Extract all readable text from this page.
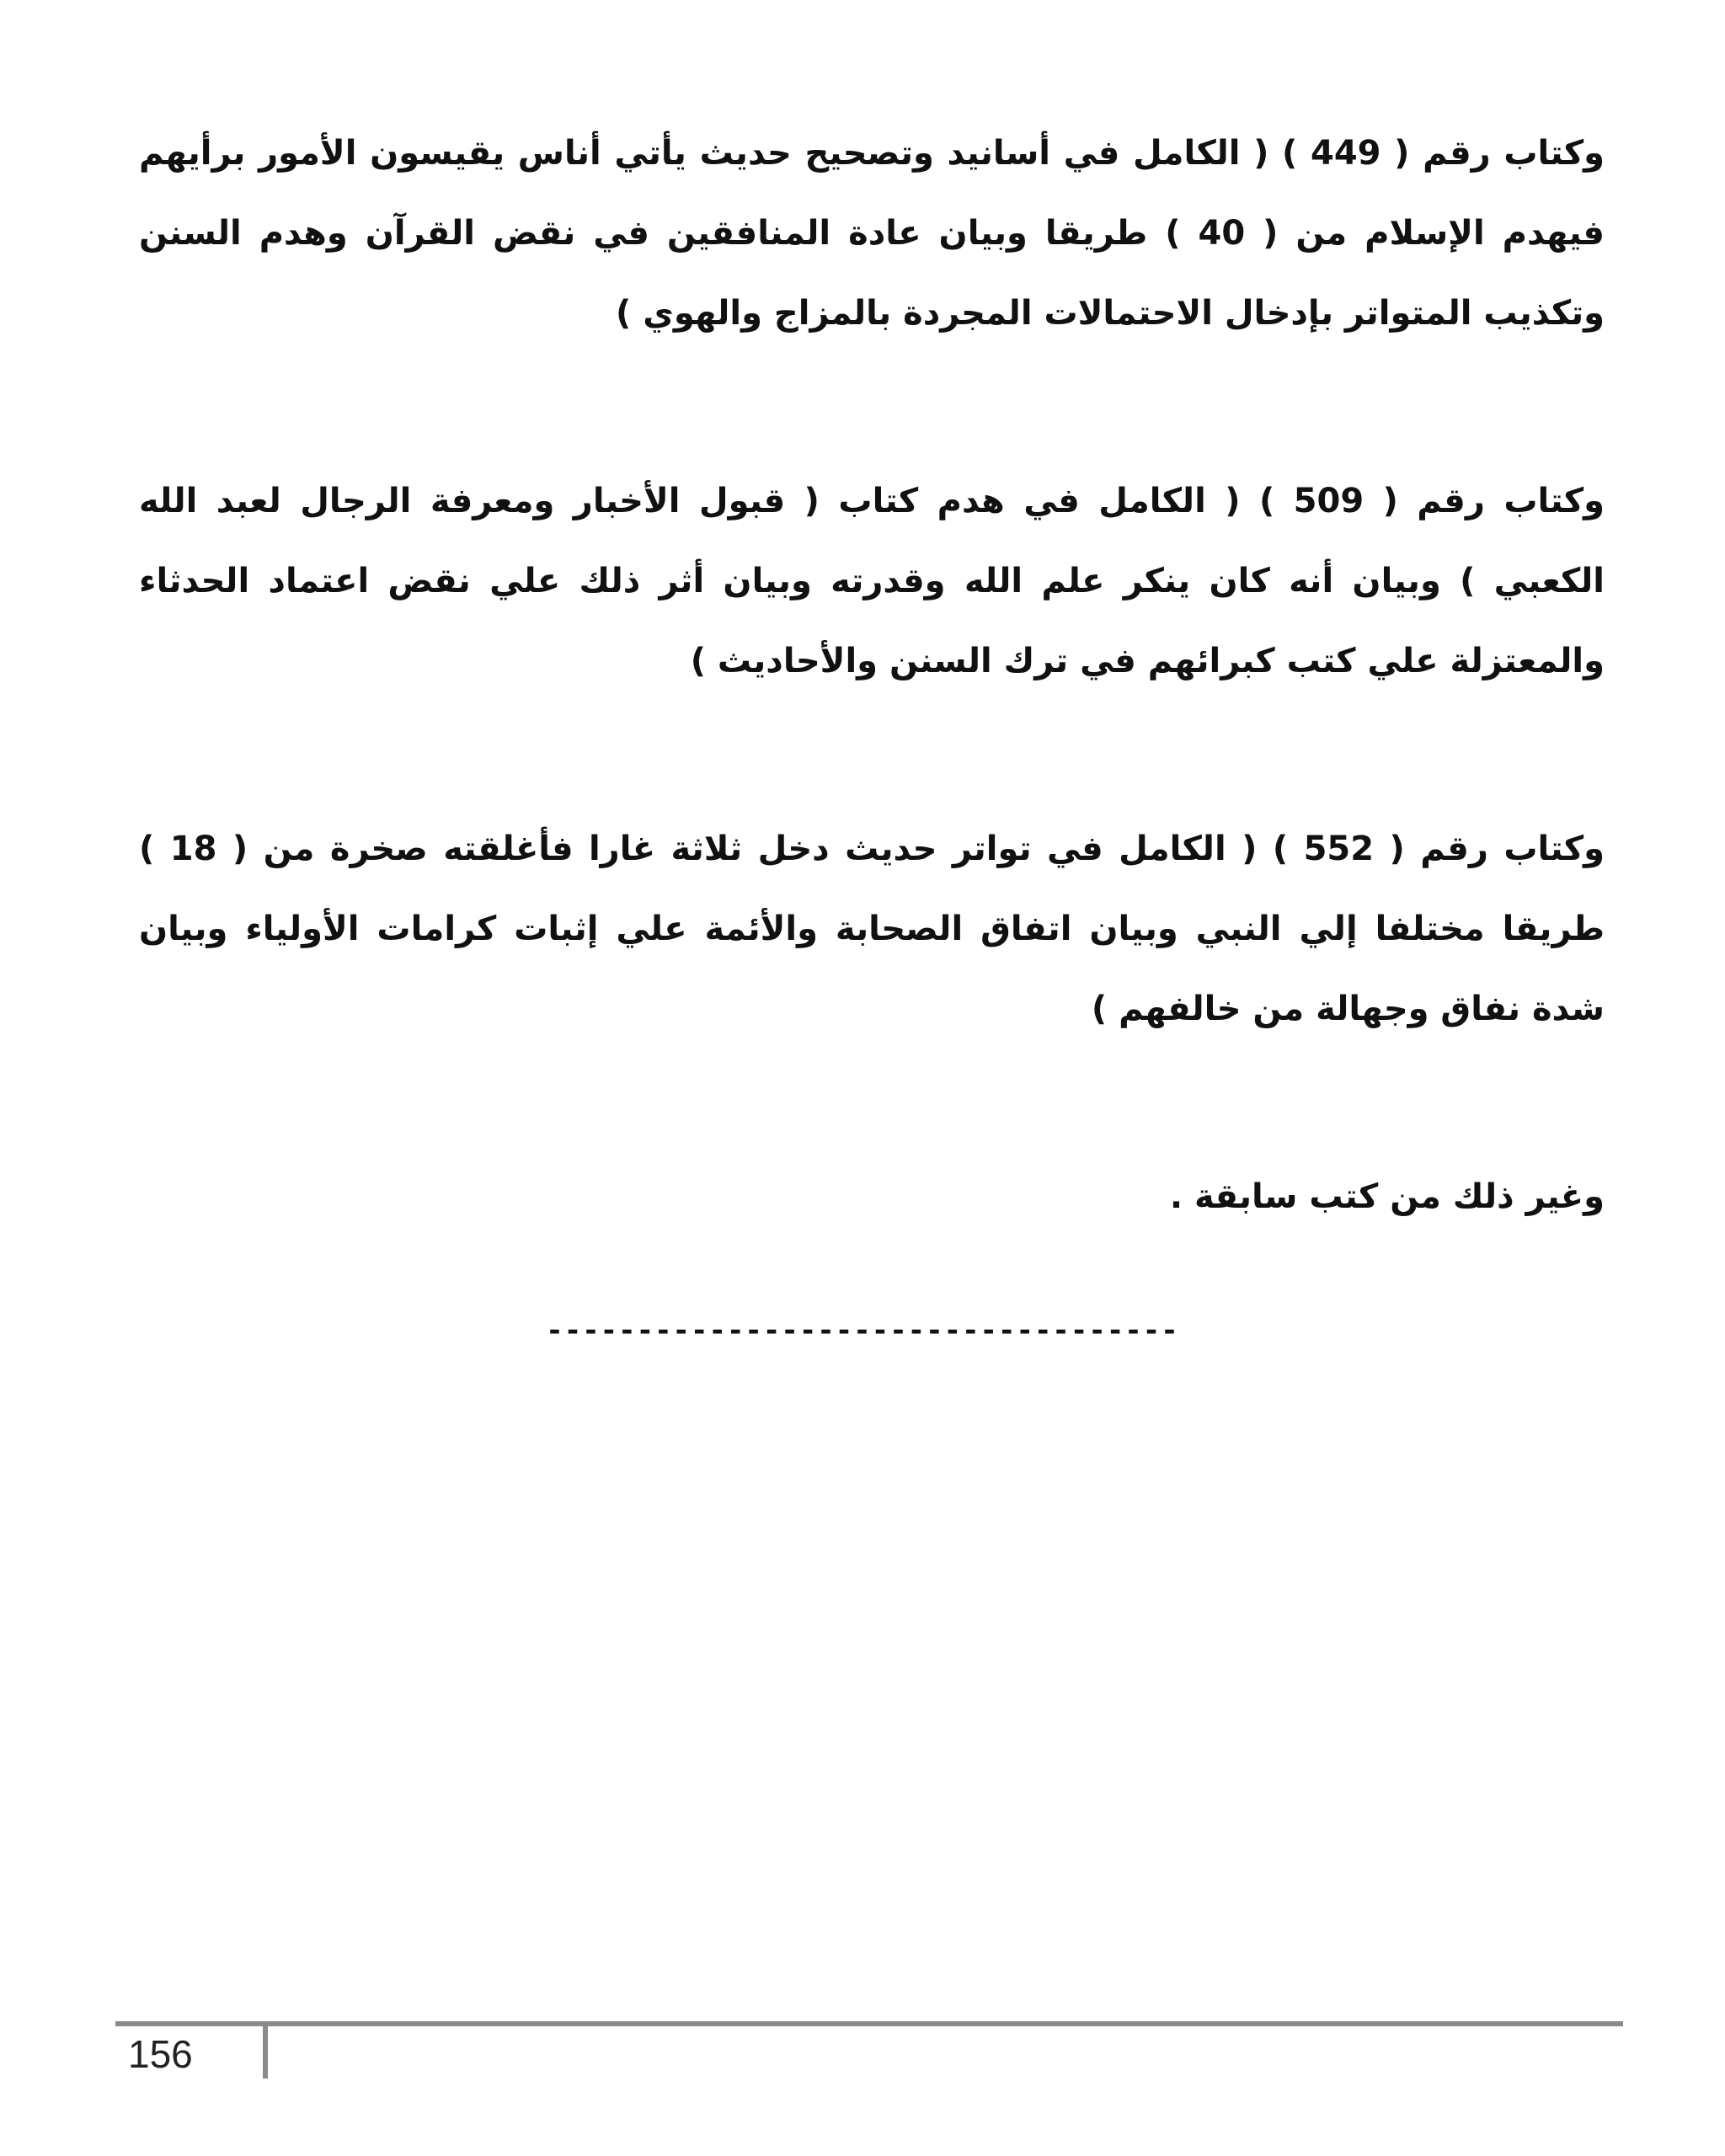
وكتاب رقم ( 449 ) ( الكامل في أسانيد وتصحيح حديث يأتي أناس يقيسون الأمور برأيهم فيهدم الإسلام من ( 40 ) طريقا وبيان عادة المنافقين في نقض القرآن وهدم السنن وتكذيب المتواتر بإدخال الاحتمالات المجردة بالمزاج والهوي )

وكتاب رقم ( 509 ) ( الكامل في هدم كتاب ( قبول الأخبار ومعرفة الرجال لعبد الله الكعبي ) وبيان أنه كان ينكر علم الله وقدرته وبيان أثر ذلك علي نقض اعتماد الحدثاء والمعتزلة علي كتب كبرائهم في ترك السنن والأحاديث )

وكتاب رقم ( 552 ) ( الكامل في تواتر حديث دخل ثلاثة غارا فأغلقته صخرة من ( 18 ) طريقا مختلفا إلي النبي وبيان اتفاق الصحابة والأئمة علي إثبات كرامات الأولياء وبيان شدة نفاق وجهالة من خالفهم )

وغير ذلك من كتب سابقة .

-----------------------------------
156
